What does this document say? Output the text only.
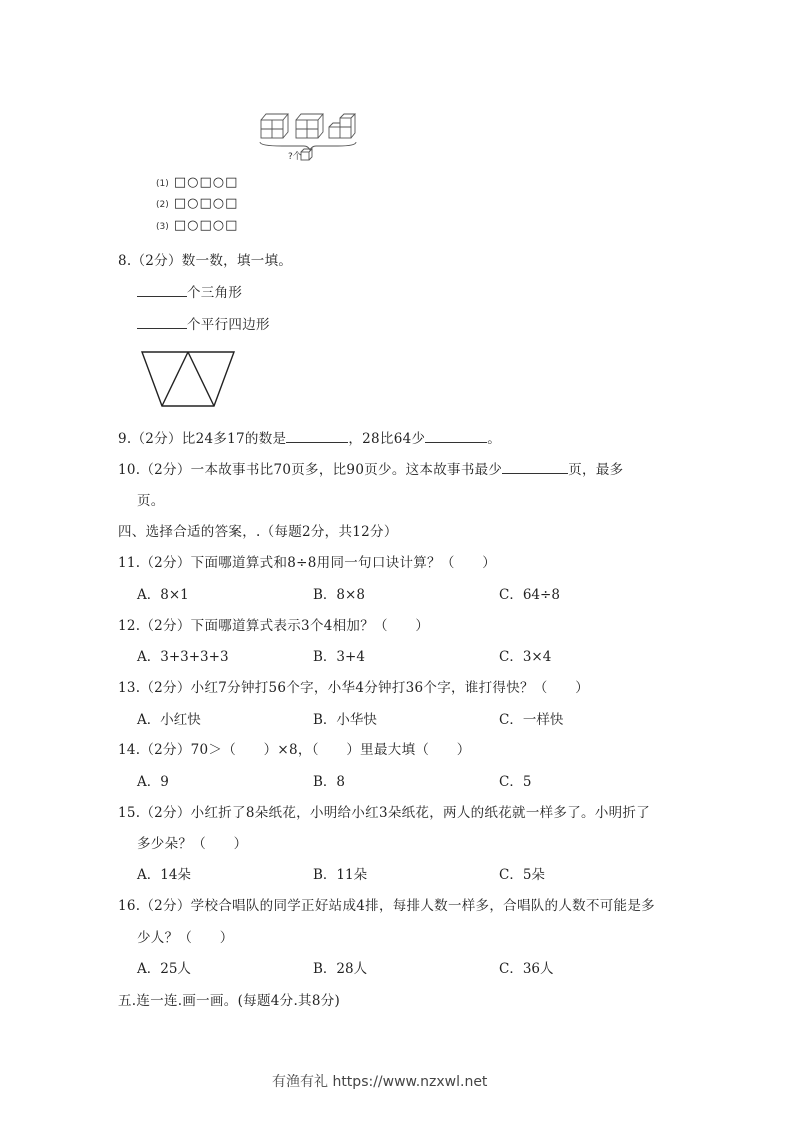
?个
(1) □○□○□
(2) □○□○□
(3) □○□○□
8.（2分）数一数，填一填。
个三角形
个平行四边形
9.（2分）比24多17的数是	，28比64少	。
10.（2分）一本故事书比70页多，比90页少。这本故事书最少	页，最多
页。
四、选择合适的答案，.（每题2分，共12分）
11.（2分）下面哪道算式和8÷8用同一句口诀计算？（　　）
A．8×1	B．8×8	C．64÷8
12.（2分）下面哪道算式表示3个4相加？（　　）
A．3+3+3+3	B．3+4	C．3×4
13.（2分）小红7分钟打56个字，小华4分钟打36个字，谁打得快？（　　）
A．小红快	B．小华快	C．一样快
14.（2分）70＞（　　）×8，（　　）里最大填（　　）
A．9	B．8	C．5
15.（2分）小红折了8朵纸花，小明给小红3朵纸花，两人的纸花就一样多了。小明折了
多少朵？（　　）
A．14朵	B．11朵	C．5朵
16.（2分）学校合唱队的同学正好站成4排，每排人数一样多，合唱队的人数不可能是多
少人？（　　）
A．25人	B．28人	C．36人
五.连一连.画一画。(每题4分.其8分)
有渔有礼 https://www.nzxwl.net
